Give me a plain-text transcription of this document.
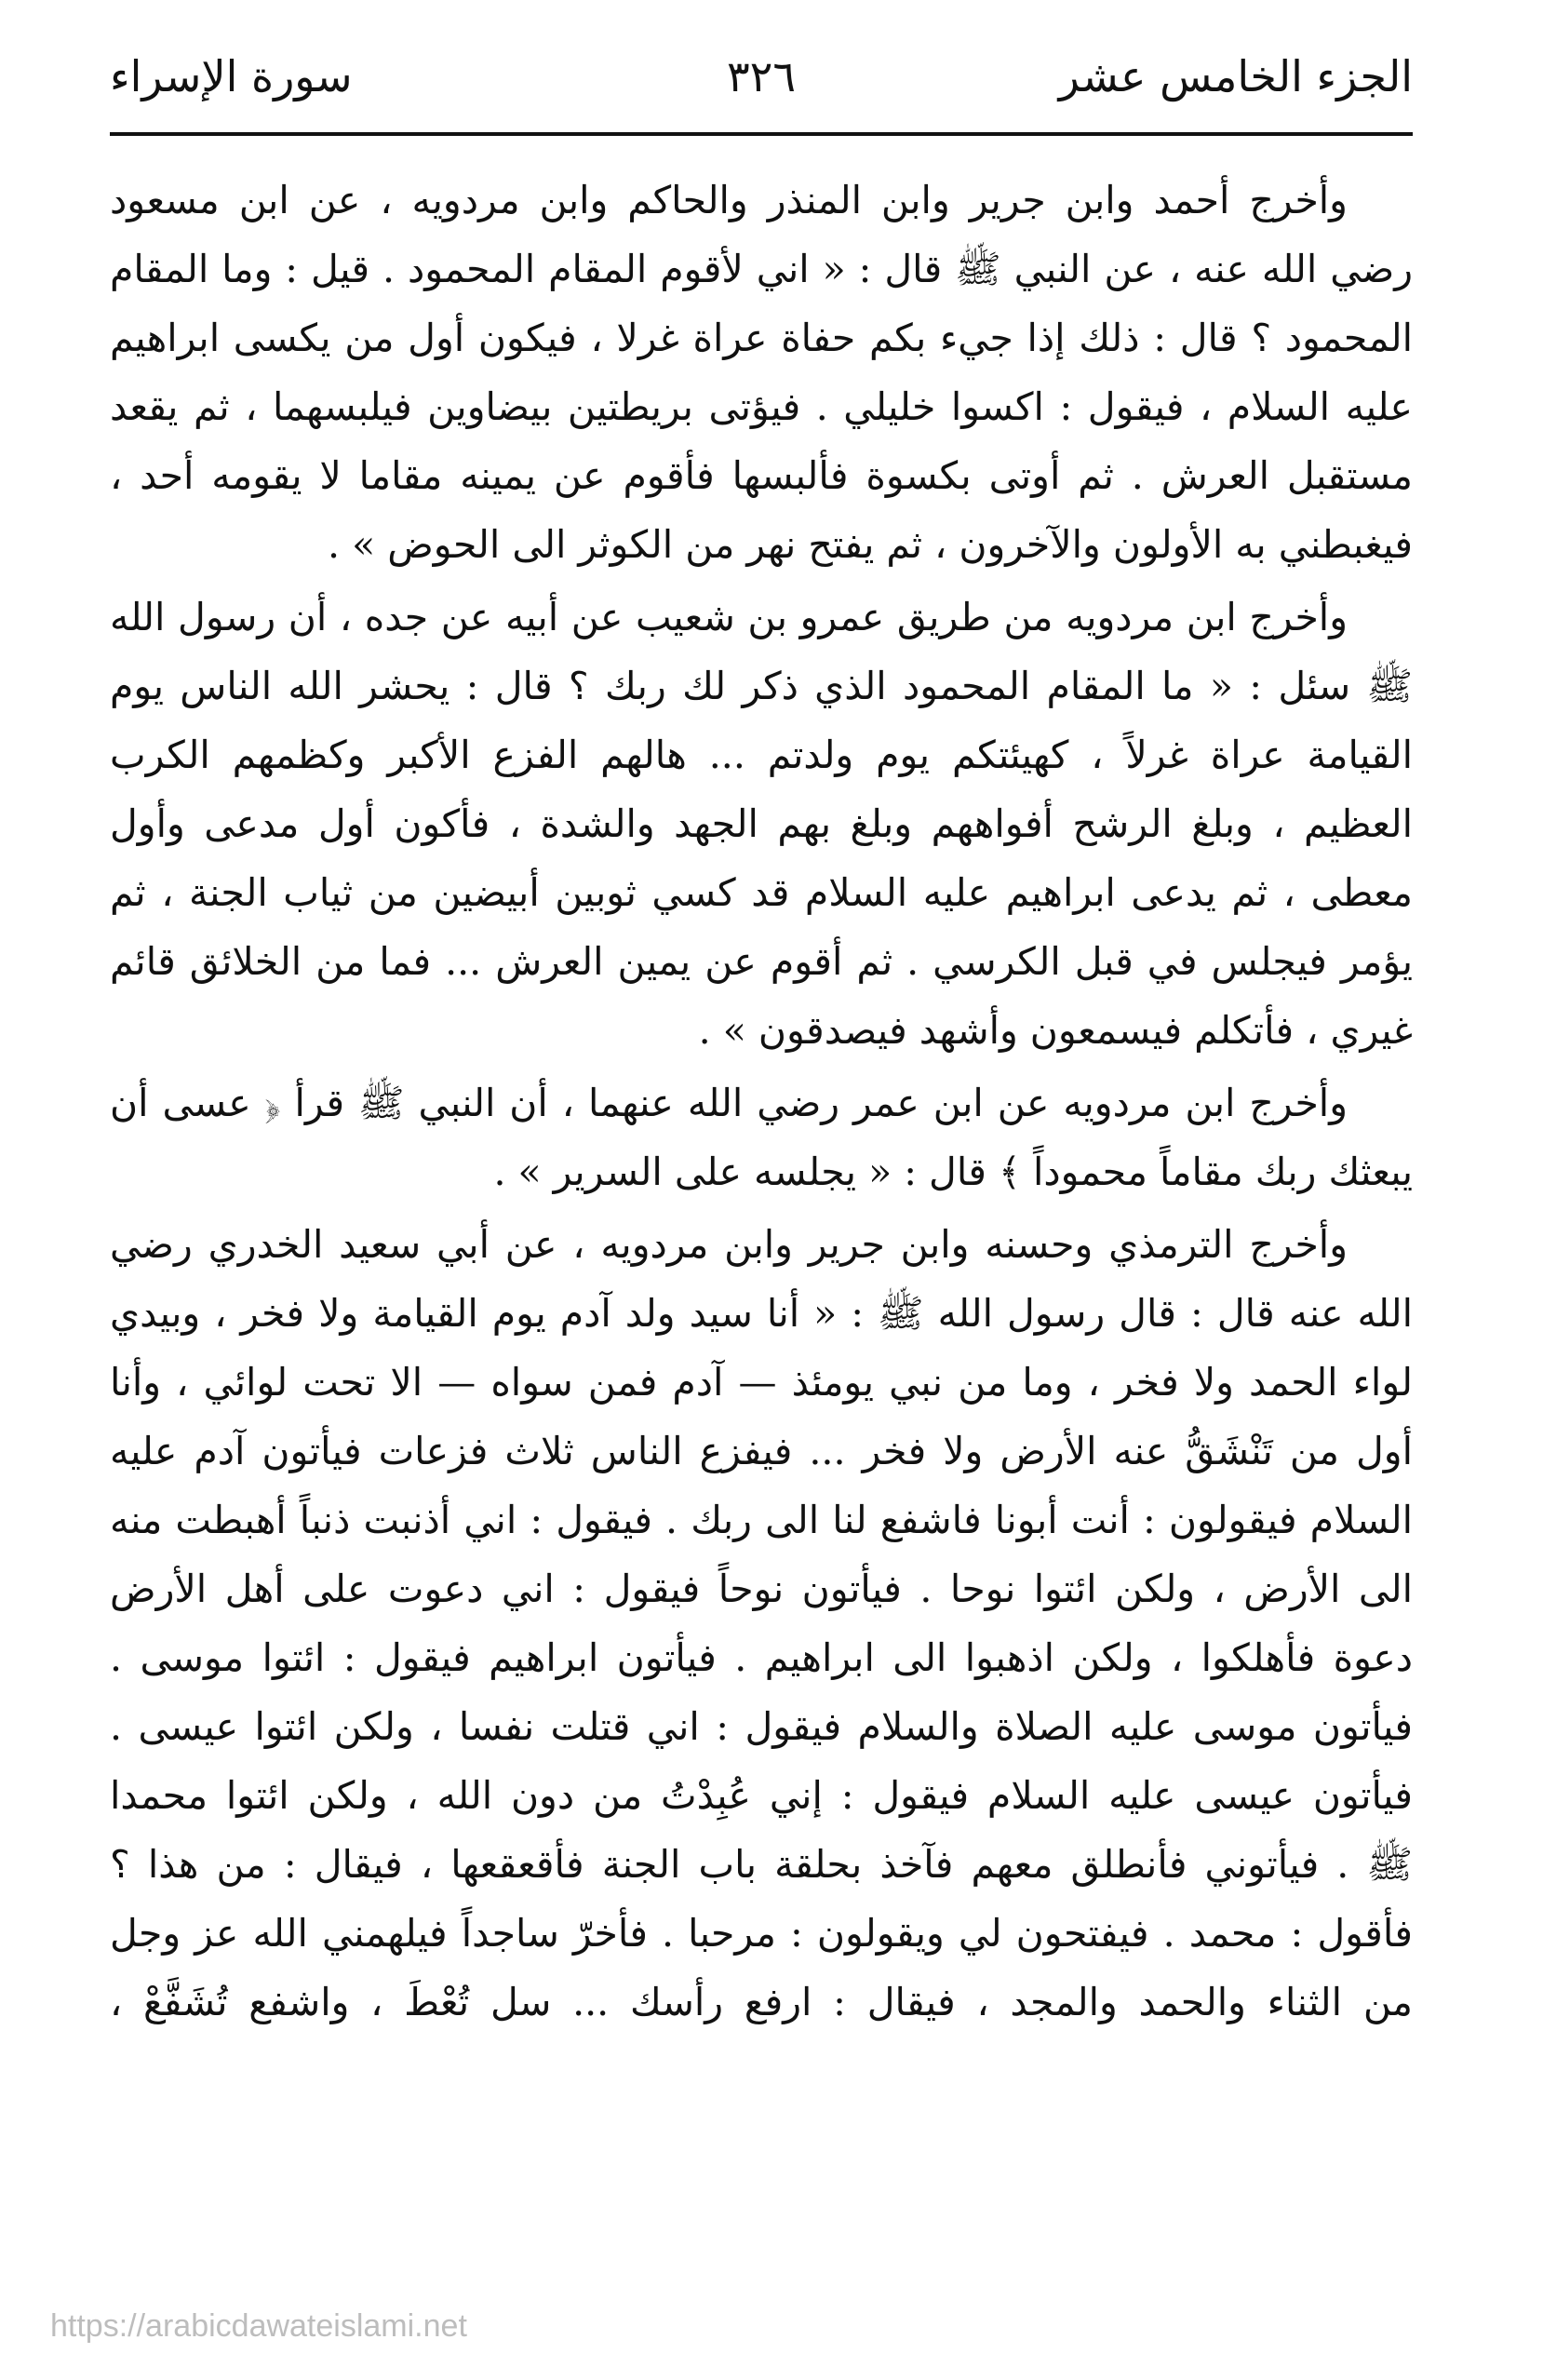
الجزء الخامس عشر
٣٢٦
سورة الإسراء
وأخرج أحمد وابن جرير وابن المنذر والحاكم وابن مردويه ، عن ابن مسعود
رضي الله عنه ، عن النبي ﷺ قال : « اني لأقوم المقام المحمود . قيل : وما المقام
المحمود ؟ قال : ذلك إذا جيء بكم حفاة عراة غرلا ، فيكون أول من يكسى ابراهيم
عليه السلام ، فيقول : اكسوا خليلي . فيؤتى بريطتين بيضاوين فيلبسهما ، ثم يقعد
مستقبل العرش . ثم أوتى بكسوة فألبسها فأقوم عن يمينه مقاما لا يقومه أحد ،
فيغبطني به الأولون والآخرون ، ثم يفتح نهر من الكوثر الى الحوض » .
وأخرج ابن مردويه من طريق عمرو بن شعيب عن أبيه عن جده ، أن رسول الله
ﷺ سئل : « ما المقام المحمود الذي ذكر لك ربك ؟ قال : يحشر الله الناس يوم
القيامة عراة غرلاً ، كهيئتكم يوم ولدتم ... هالهم الفزع الأكبر وكظمهم الكرب
العظيم ، وبلغ الرشح أفواههم وبلغ بهم الجهد والشدة ، فأكون أول مدعى وأول
معطى ، ثم يدعى ابراهيم عليه السلام قد كسي ثوبين أبيضين من ثياب الجنة ، ثم
يؤمر فيجلس في قبل الكرسي . ثم أقوم عن يمين العرش ... فما من الخلائق قائم
غيري ، فأتكلم فيسمعون وأشهد فيصدقون » .
وأخرج ابن مردويه عن ابن عمر رضي الله عنهما ، أن النبي ﷺ قرأ ﴿ عسى أن
يبعثك ربك مقاماً محموداً ﴾ قال : « يجلسه على السرير » .
وأخرج الترمذي وحسنه وابن جرير وابن مردويه ، عن أبي سعيد الخدري رضي
الله عنه قال : قال رسول الله ﷺ : « أنا سيد ولد آدم يوم القيامة ولا فخر ، وبيدي
لواء الحمد ولا فخر ، وما من نبي يومئذ — آدم فمن سواه — الا تحت لوائي ، وأنا
أول من تَنْشَقُّ عنه الأرض ولا فخر ... فيفزع الناس ثلاث فزعات فيأتون آدم عليه
السلام فيقولون : أنت أبونا فاشفع لنا الى ربك . فيقول : اني أذنبت ذنباً أهبطت منه
الى الأرض ، ولكن ائتوا نوحا . فيأتون نوحاً فيقول : اني دعوت على أهل الأرض
دعوة فأهلكوا ، ولكن اذهبوا الى ابراهيم . فيأتون ابراهيم فيقول : ائتوا موسى .
فيأتون موسى عليه الصلاة والسلام فيقول : اني قتلت نفسا ، ولكن ائتوا عيسى .
فيأتون عيسى عليه السلام فيقول : إني عُبِدْتُ من دون الله ، ولكن ائتوا محمدا
ﷺ . فيأتوني فأنطلق معهم فآخذ بحلقة باب الجنة فأقعقعها ، فيقال : من هذا ؟
فأقول : محمد . فيفتحون لي ويقولون : مرحبا . فأخرّ ساجداً فيلهمني الله عز وجل
من الثناء والحمد والمجد ، فيقال : ارفع رأسك ... سل تُعْطَ ، واشفع تُشَفَّعْ ،
https://arabicdawateislami.net
